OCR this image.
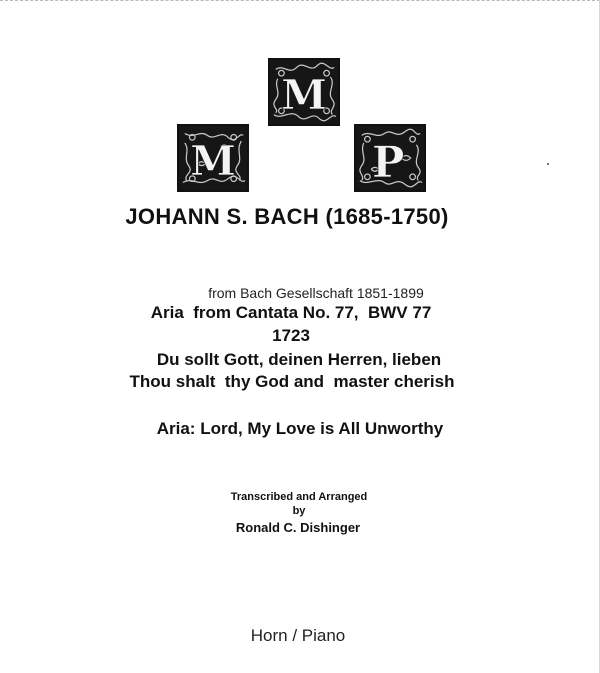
M
M	P
JOHANN S. BACH (1685-1750)
from Bach Gesellschaft 1851-1899
Aria  from Cantata No. 77,  BWV 77
1723
Du sollt Gott, deinen Herren, lieben
Thou shalt  thy God and  master cherish
Aria: Lord, My Love is All Unworthy
Transcribed and Arranged
by
Ronald C. Dishinger
Horn / Piano
